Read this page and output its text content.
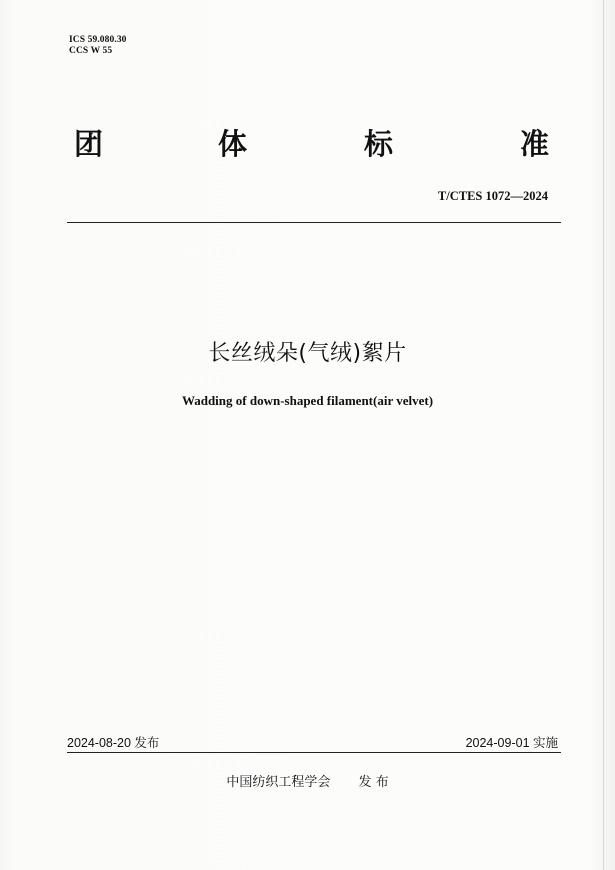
ICS 59.080.30
CCS W 55
团	体	标	准
T/CTES 1072—2024
长丝绒朵(气绒)絮片
Wadding of down-shaped filament(air velvet)
2024-08-20 发布	2024-09-01 实施
中国纺织工程学会 发 布
